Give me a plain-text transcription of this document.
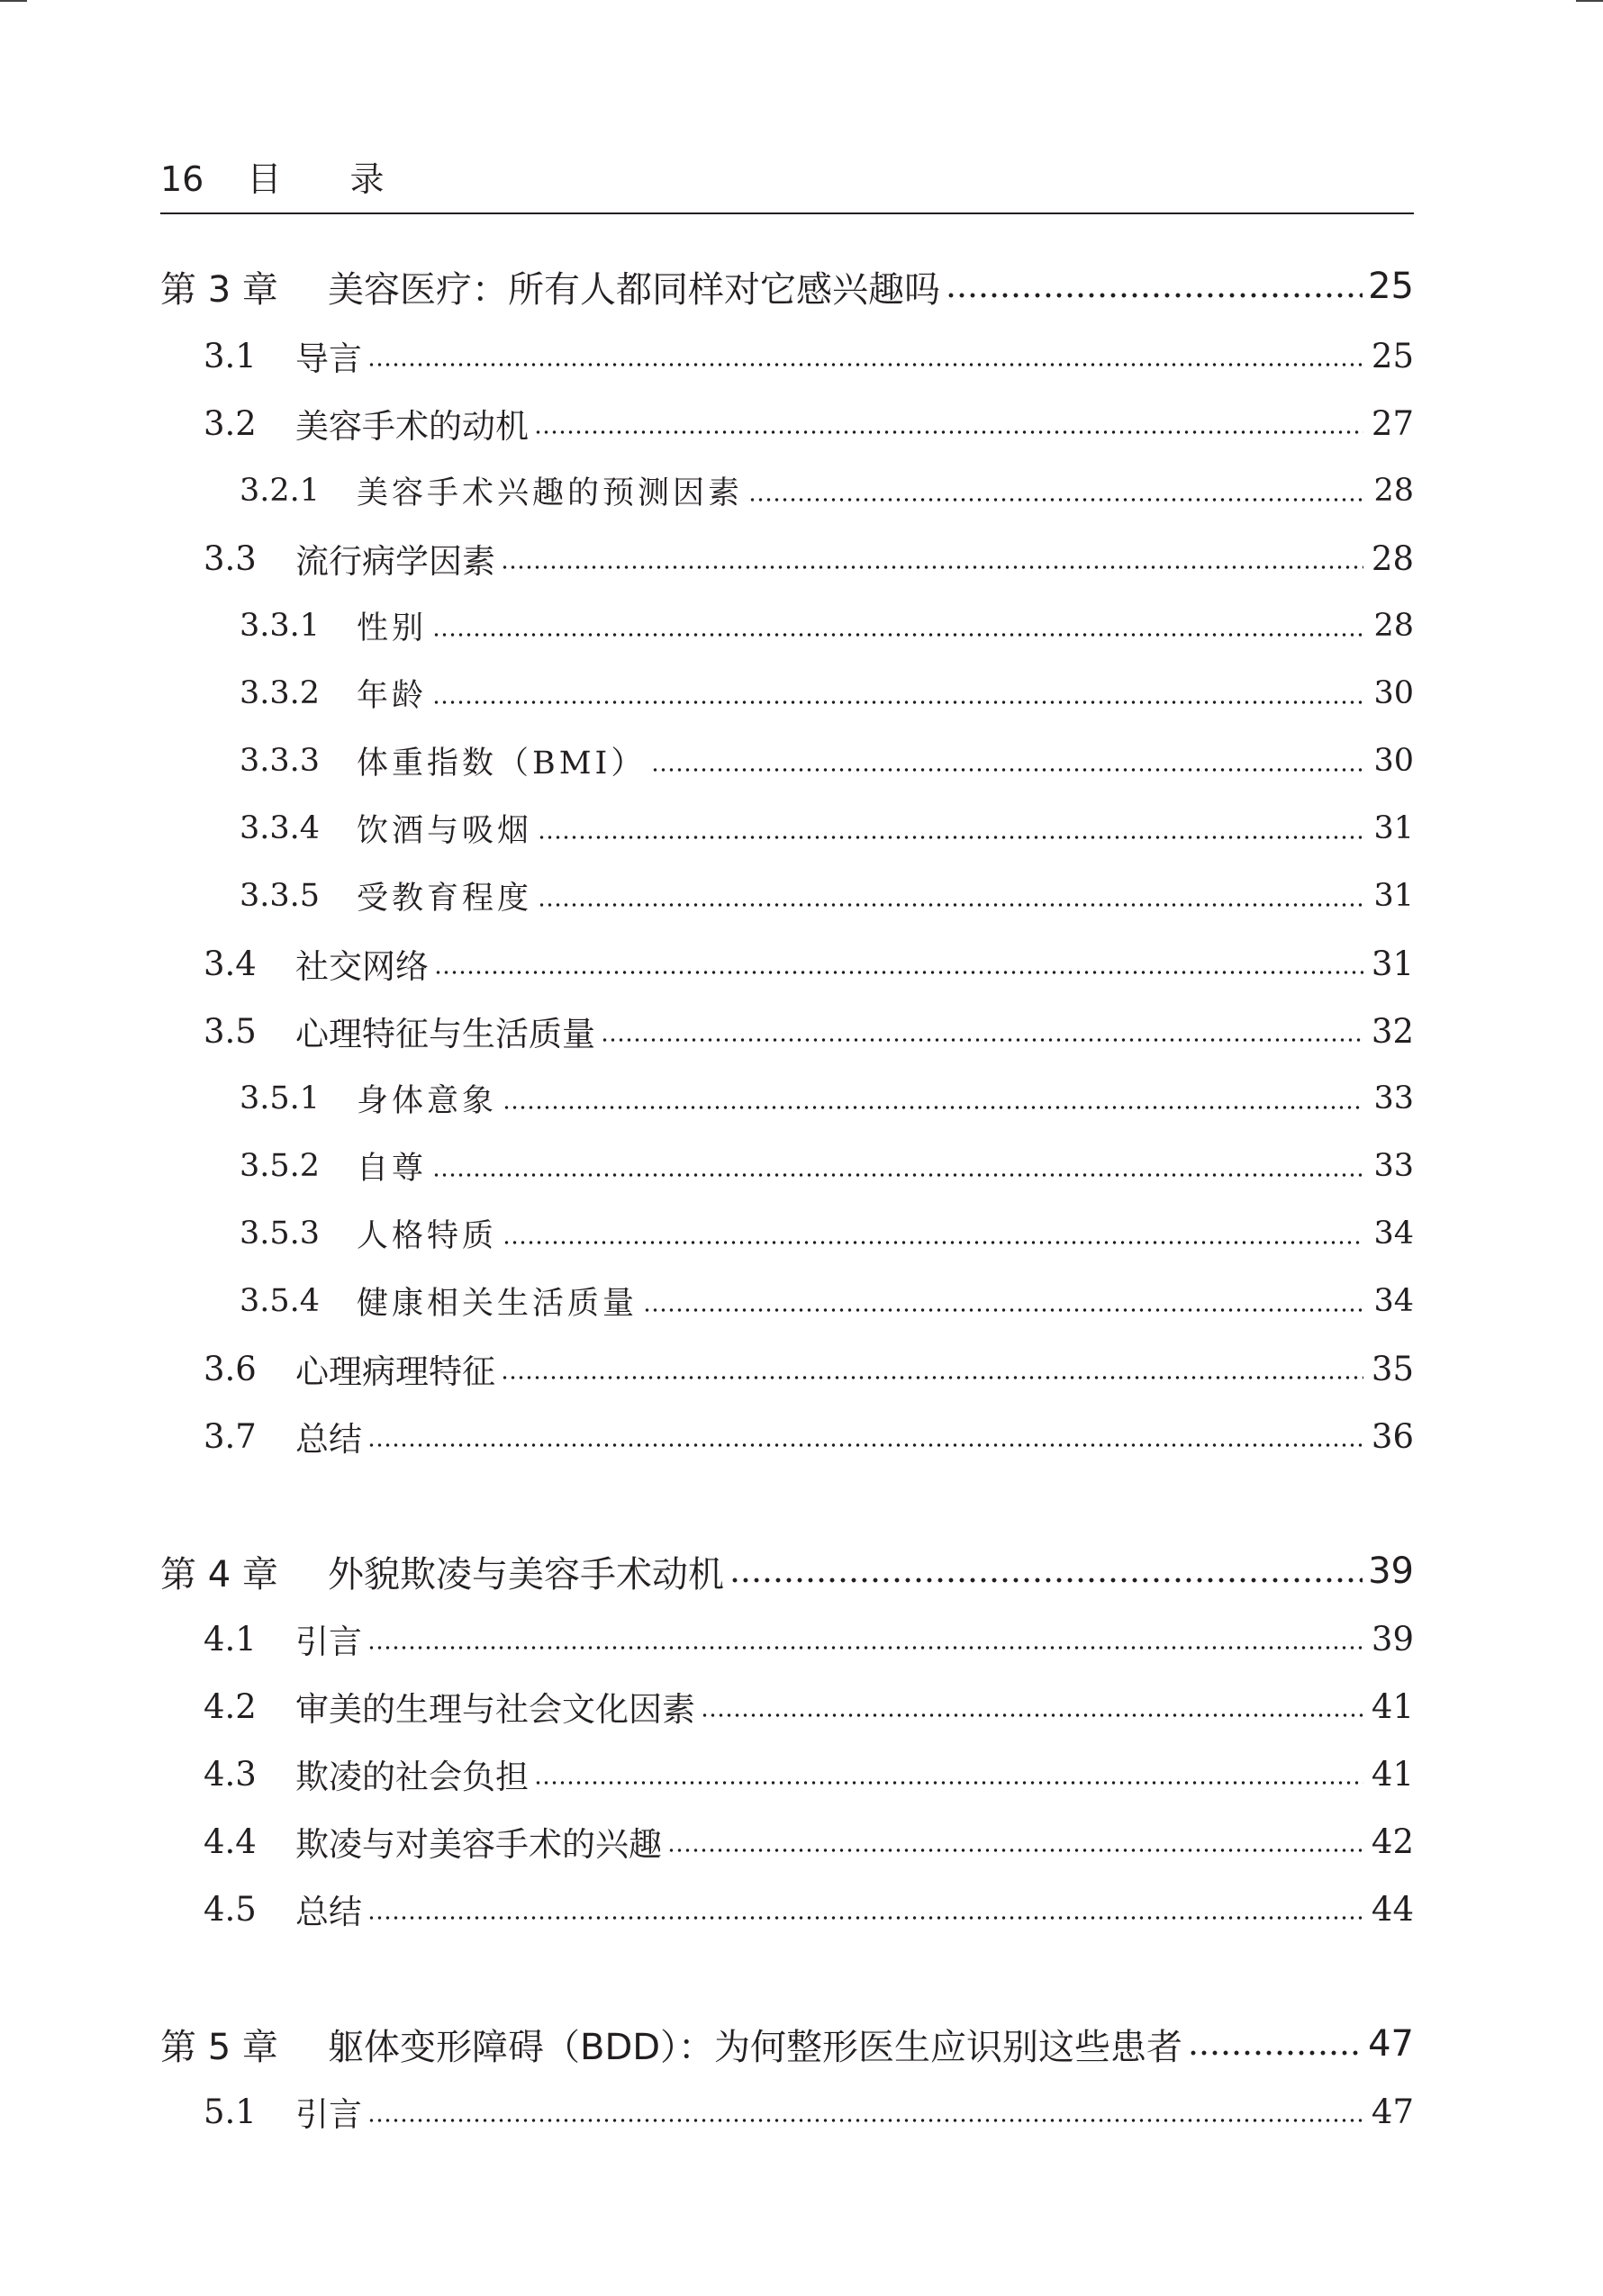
16 目 录
第 3 章	美容医疗：所有人都同样对它感兴趣吗	25
3.1	导言	25
3.2	美容手术的动机	27
3.2.1	美容手术兴趣的预测因素	28
3.3	流行病学因素	28
3.3.1	性别	28
3.3.2	年龄	30
3.3.3	体重指数（BMI）	30
3.3.4	饮酒与吸烟	31
3.3.5	受教育程度	31
3.4	社交网络	31
3.5	心理特征与生活质量	32
3.5.1	身体意象	33
3.5.2	自尊	33
3.5.3	人格特质	34
3.5.4	健康相关生活质量	34
3.6	心理病理特征	35
3.7	总结	36
第 4 章	外貌欺凌与美容手术动机	39
4.1	引言	39
4.2	审美的生理与社会文化因素	41
4.3	欺凌的社会负担	41
4.4	欺凌与对美容手术的兴趣	42
4.5	总结	44
第 5 章	躯体变形障碍（BDD）：为何整形医生应识别这些患者	47
5.1	引言	47
